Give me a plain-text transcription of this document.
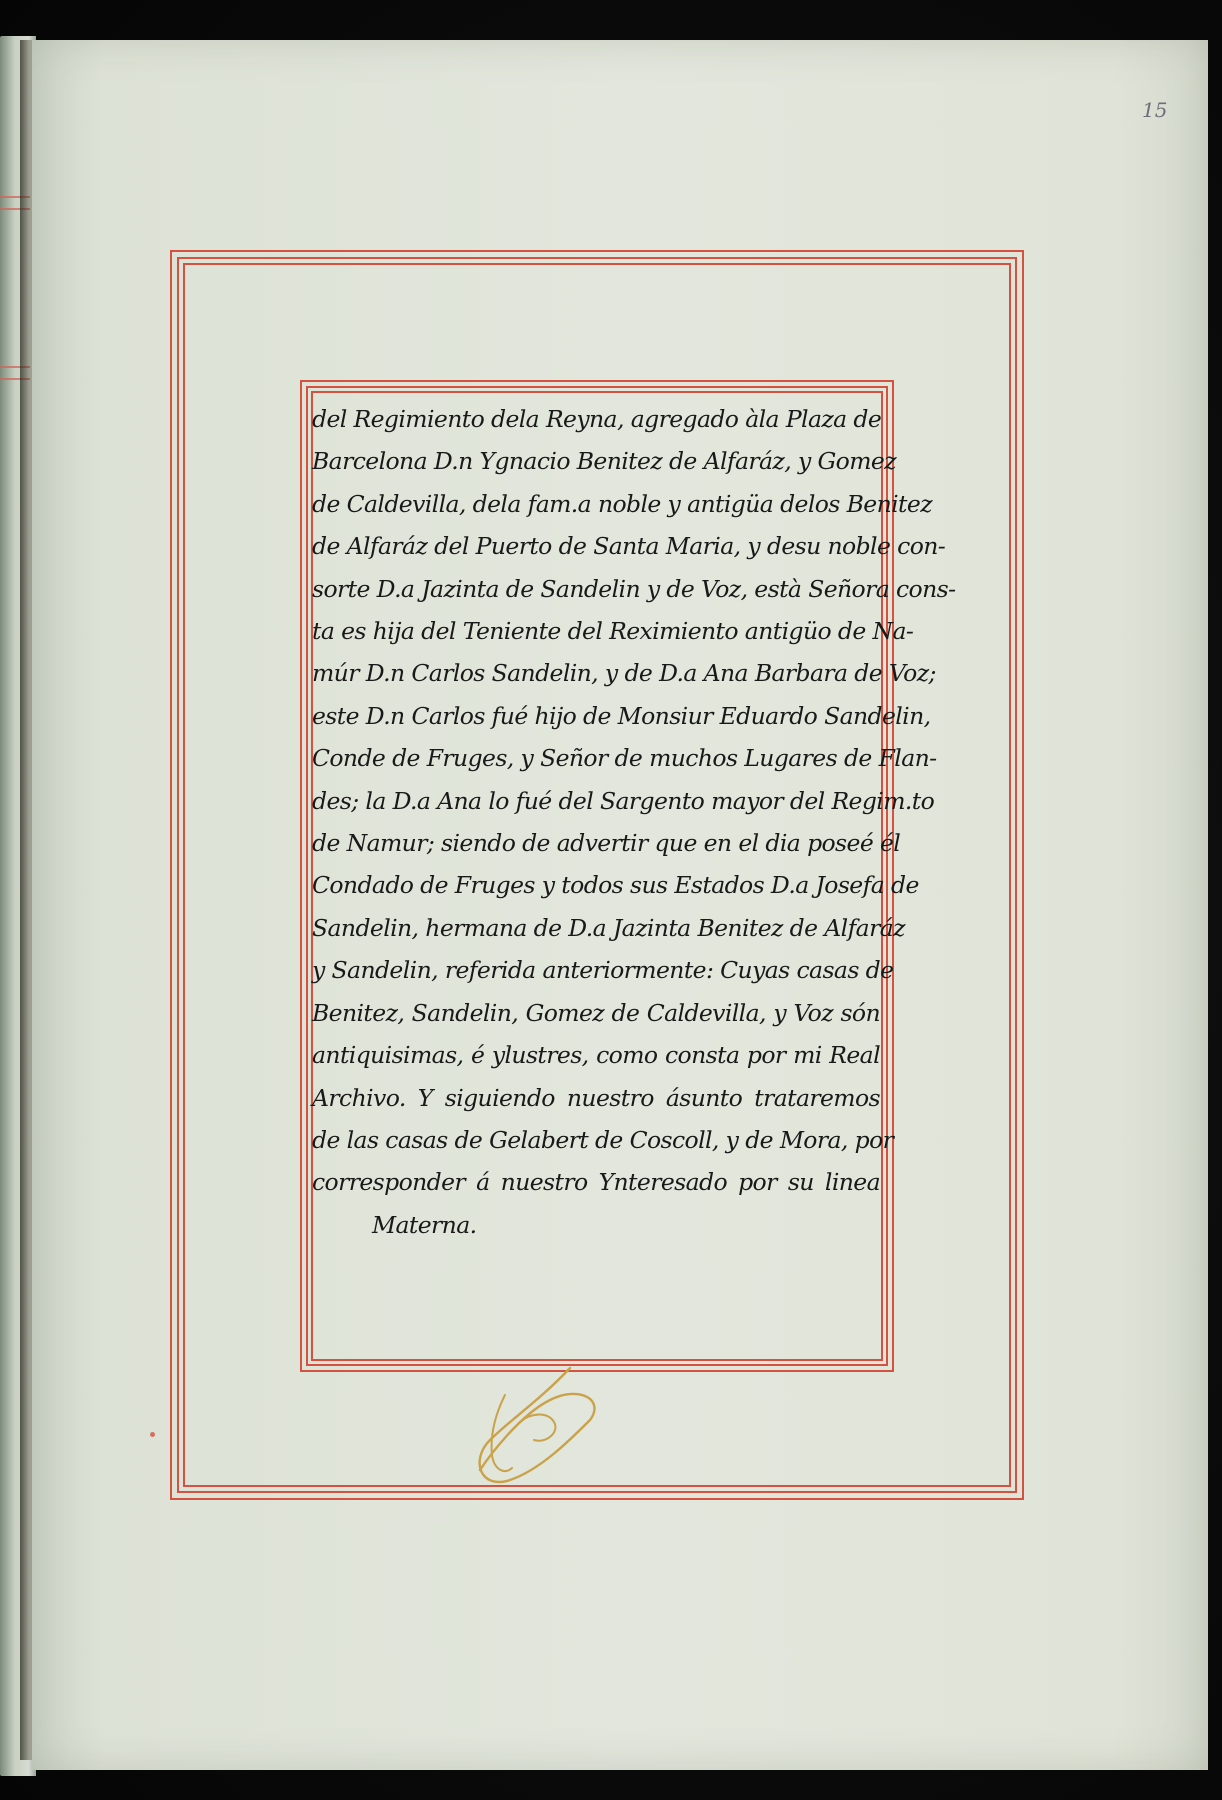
15
del Regimiento dela Reyna, agregado àla Plaza de
Barcelona D.n Ygnacio Benitez de Alfaráz, y Gomez
de Caldevilla, dela fam.a noble y antigüa delos Benitez
de Alfaráz del Puerto de Santa Maria, y desu noble con-
sorte D.a Jazinta de Sandelin y de Voz, està Señora cons-
ta es hija del Teniente del Reximiento antigüo de Na-
múr D.n Carlos Sandelin, y de D.a Ana Barbara de Voz;
este D.n Carlos fué hijo de Monsiur Eduardo Sandelin,
Conde de Fruges, y Señor de muchos Lugares de Flan-
des; la D.a Ana lo fué del Sargento mayor del Regim.to
de Namur; siendo de advertir que en el dia poseé él
Condado de Fruges y todos sus Estados D.a Josefa de
Sandelin, hermana de D.a Jazinta Benitez de Alfaráz
y Sandelin, referida anteriormente: Cuyas casas de
Benitez, Sandelin, Gomez de Caldevilla, y Voz són
antiquisimas, é ylustres, como consta por mi Real
Archivo. Y siguiendo nuestro ásunto trataremos
de las casas de Gelabert de Coscoll, y de Mora, por
corresponder á nuestro Ynteresado por su linea
Materna.
